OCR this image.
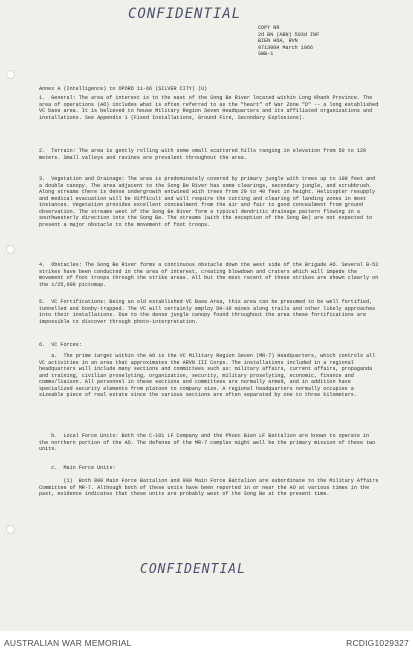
CONFIDENTIAL
COPY NR
2d BN (ABN) 503d INF
BIEN HOA, RVN
071300H March 1966
SWB-1
Annex A (Intelligence) to OPORD 11-66 (SILVER CITY) (U)
1.  General: The area of interest is to the east of the Song Be River located within Long Khanh Province. The area of operations (AO) includes what is often referred to as the "heart" of War Zone "D" -- a long established VC base area. It is believed to house Military Region Seven Headquarters and its affiliated organizations and installations. See Appendix 1 (Fixed Installations, Ground Fire, Secondary Explosions).
2.  Terrain: The area is gently rolling with some small scattered hills ranging in elevation from 50 to 120 meters. Small valleys and ravines are prevalent throughout the area.
3.  Vegetation and Drainage: The area is predominately covered by primary jungle with trees up to 100 feet and a double canopy. The area adjacent to the Song Be River has some clearings, secondary jungle, and scrubbrush. Along streams there is dense undergrowth entwined with trees from 20 to 40 feet in height. Helicopter resupply and medical evacuation will be difficult and will require the cutting and clearing of landing zones in most instances. Vegetation provides excellent concealment from the air and fair to good concealment from ground observation. The streams west of the Song Be River form a typical dendritic drainage pattern flowing in a southwesterly direction into the Song Be. The streams (with the exception of the Song Be) are not expected to present a major obstacle to the movement of foot troops.
4.  Obstacles: The Song Be River forms a continuous obstacle down the west side of the Brigade AO. Several B-52 strikes have been conducted in the area of interest, creating blowdown and craters which will impede the movement of foot troops through the strike areas. All but the most recent of these strikes are shown clearly on the 1/25,000 pictomap.
5.  VC Fortifications: Being an old established VC Base Area, this area can be presumed to be well fortified, tunnelled and booby-trapped. The VC will certainly employ DH-10 mines along trails and other likely approaches into their installations. Due to the dense jungle canopy found throughout the area these fortifications are impossible to discover through photo-interpretation.
6.  VC Forces:
a.  The prime target within the AO is the VC Military Region Seven (MR-7) Headquarters, which controls all VC activities in an area that approximates the ARVN III Corps. The installations included in a regional headquarters will include many sections and committees such as: military affairs, current affairs, propaganda and training, civilian proselyting, organization, security, military proselyting, economic, finance and commo/liaison. All personnel in these sections and committees are normally armed, and in addition have specialized security elements from platoon to company size. A regional headquarters normally occupies a sizeable piece of real estate since the various sections are often separated by one to three kilometers.
b.  Local Force Units: Both the C-101 LF Company and the Phuoc Bien LF Battalion are known to operate in the northern portion of the AO. The defense of the MR-7 complex might well be the primary mission of these two units.
c.  Main Force Units:
(1)  Both 800 Main Force Battalion and 900 Main Force Battalion are subordinate to the Military Affairs Committee of MR-7. Although both of these units have been reported in or near the AO at various times in the past, evidence indicates that these units are probably west of the Song Be at the present time.
CONFIDENTIAL
AUSTRALIAN WAR MEMORIAL	RCDIG1029327
